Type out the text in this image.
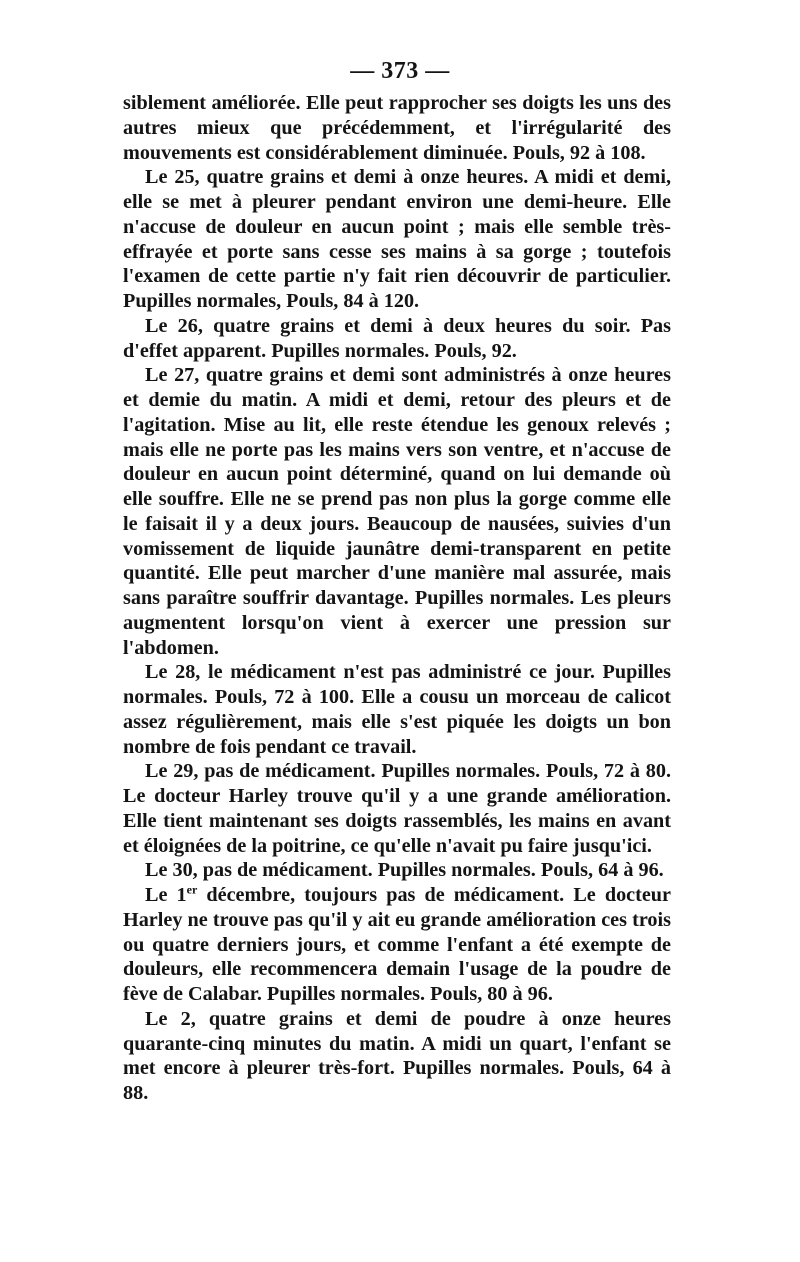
— 373 —

siblement améliorée. Elle peut rapprocher ses doigts les uns des autres mieux que précédemment, et l'irrégularité des mouvements est considérablement diminuée. Pouls, 92 à 108.

Le 25, quatre grains et demi à onze heures. A midi et demi, elle se met à pleurer pendant environ une demi-heure. Elle n'accuse de douleur en aucun point ; mais elle semble très-effrayée et porte sans cesse ses mains à sa gorge ; toutefois l'examen de cette partie n'y fait rien découvrir de particulier. Pupilles normales, Pouls, 84 à 120.

Le 26, quatre grains et demi à deux heures du soir. Pas d'effet apparent. Pupilles normales. Pouls, 92.

Le 27, quatre grains et demi sont administrés à onze heures et demie du matin. A midi et demi, retour des pleurs et de l'agitation. Mise au lit, elle reste étendue les genoux relevés ; mais elle ne porte pas les mains vers son ventre, et n'accuse de douleur en aucun point déterminé, quand on lui demande où elle souffre. Elle ne se prend pas non plus la gorge comme elle le faisait il y a deux jours. Beaucoup de nausées, suivies d'un vomissement de liquide jaunâtre demi-transparent en petite quantité. Elle peut marcher d'une manière mal assurée, mais sans paraître souffrir davantage. Pupilles normales. Les pleurs augmentent lorsqu'on vient à exercer une pression sur l'abdomen.

Le 28, le médicament n'est pas administré ce jour. Pupilles normales. Pouls, 72 à 100. Elle a cousu un morceau de calicot assez régulièrement, mais elle s'est piquée les doigts un bon nombre de fois pendant ce travail.

Le 29, pas de médicament. Pupilles normales. Pouls, 72 à 80. Le docteur Harley trouve qu'il y a une grande amélioration. Elle tient maintenant ses doigts rassemblés, les mains en avant et éloignées de la poitrine, ce qu'elle n'avait pu faire jusqu'ici.

Le 30, pas de médicament. Pupilles normales. Pouls, 64 à 96.

Le 1er décembre, toujours pas de médicament. Le docteur Harley ne trouve pas qu'il y ait eu grande amélioration ces trois ou quatre derniers jours, et comme l'enfant a été exempte de douleurs, elle recommencera demain l'usage de la poudre de fève de Calabar. Pupilles normales. Pouls, 80 à 96.

Le 2, quatre grains et demi de poudre à onze heures quarante-cinq minutes du matin. A midi un quart, l'enfant se met encore à pleurer très-fort. Pupilles normales. Pouls, 64 à 88.
